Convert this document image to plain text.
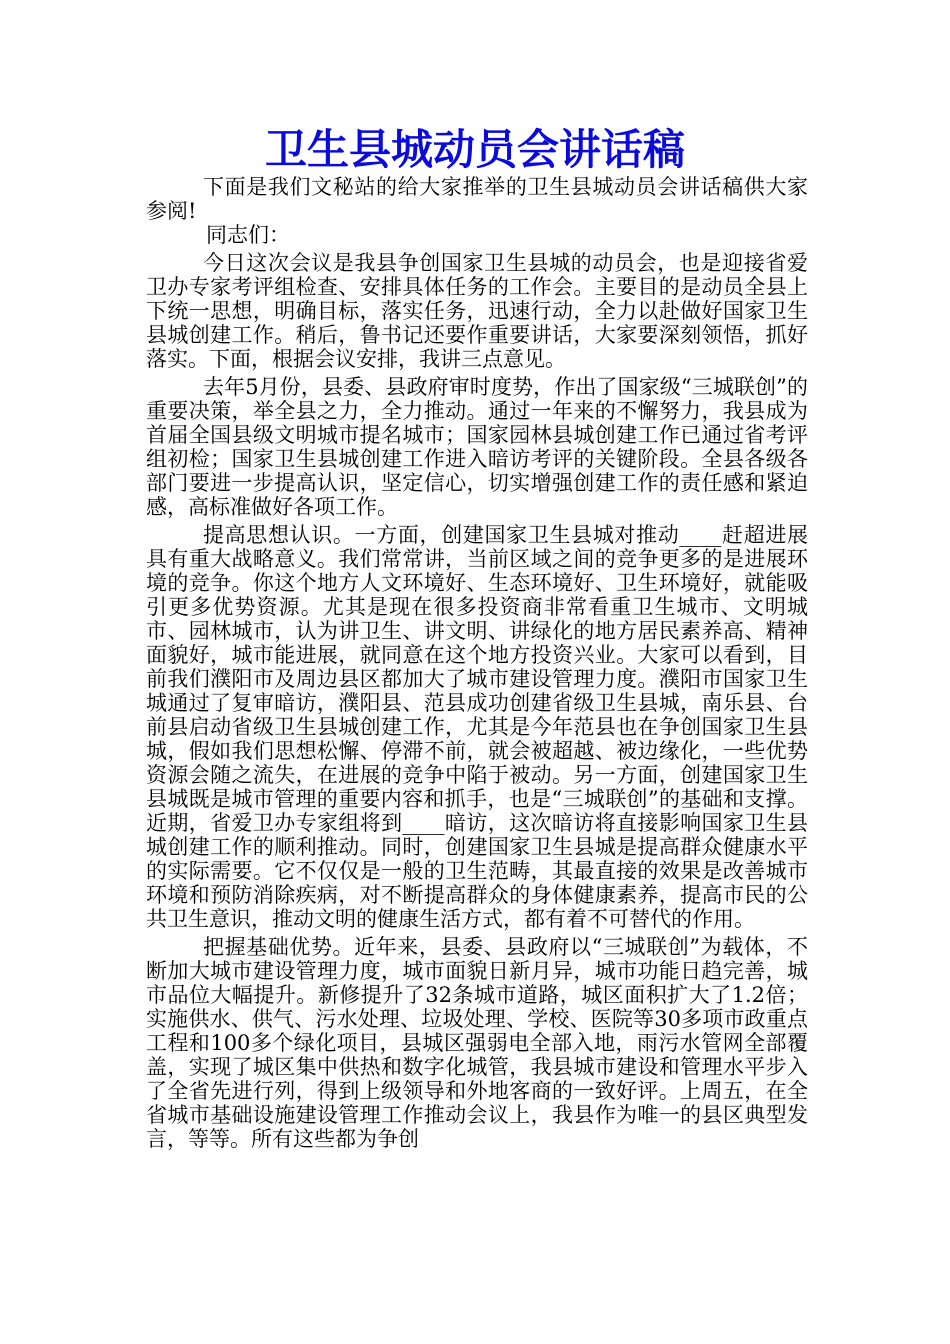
卫生县城动员会讲话稿

下面是我们文秘站的给大家推举的卫生县城动员会讲话稿供大家参阅!

同志们：

今日这次会议是我县争创国家卫生县城的动员会，也是迎接省爱卫办专家考评组检查、安排具体任务的工作会。主要目的是动员全县上下统一思想，明确目标，落实任务，迅速行动，全力以赴做好国家卫生县城创建工作。稍后，鲁书记还要作重要讲话，大家要深刻领悟，抓好落实。下面，根据会议安排，我讲三点意见。

去年5月份，县委、县政府审时度势，作出了国家级“三城联创”的重要决策，举全县之力，全力推动。通过一年来的不懈努力，我县成为首届全国县级文明城市提名城市；国家园林县城创建工作已通过省考评组初检；国家卫生县城创建工作进入暗访考评的关键阶段。全县各级各部门要进一步提高认识，坚定信心，切实增强创建工作的责任感和紧迫感，高标准做好各项工作。

提高思想认识。一方面，创建国家卫生县城对推动____赶超进展具有重大战略意义。我们常常讲，当前区域之间的竞争更多的是进展环境的竞争。你这个地方人文环境好、生态环境好、卫生环境好，就能吸引更多优势资源。尤其是现在很多投资商非常看重卫生城市、文明城市、园林城市，认为讲卫生、讲文明、讲绿化的地方居民素养高、精神面貌好，城市能进展，就同意在这个地方投资兴业。大家可以看到，目前我们濮阳市及周边县区都加大了城市建设管理力度。濮阳市国家卫生城通过了复审暗访，濮阳县、范县成功创建省级卫生县城，南乐县、台前县启动省级卫生县城创建工作，尤其是今年范县也在争创国家卫生县城，假如我们思想松懈、停滞不前，就会被超越、被边缘化，一些优势资源会随之流失，在进展的竞争中陷于被动。另一方面，创建国家卫生县城既是城市管理的重要内容和抓手，也是“三城联创”的基础和支撑。近期，省爱卫办专家组将到____暗访，这次暗访将直接影响国家卫生县城创建工作的顺利推动。同时，创建国家卫生县城是提高群众健康水平的实际需要。它不仅仅是一般的卫生范畴，其最直接的效果是改善城市环境和预防消除疾病，对不断提高群众的身体健康素养，提高市民的公共卫生意识，推动文明的健康生活方式，都有着不可替代的作用。

把握基础优势。近年来，县委、县政府以“三城联创”为载体，不断加大城市建设管理力度，城市面貌日新月异，城市功能日趋完善，城市品位大幅提升。新修提升了32条城市道路，城区面积扩大了1.2倍；实施供水、供气、污水处理、垃圾处理、学校、医院等30多项市政重点工程和100多个绿化项目，县城区强弱电全部入地，雨污水管网全部覆盖，实现了城区集中供热和数字化城管，我县城市建设和管理水平步入了全省先进行列，得到上级领导和外地客商的一致好评。上周五，在全省城市基础设施建设管理工作推动会议上，我县作为唯一的县区典型发言，等等。所有这些都为争创
